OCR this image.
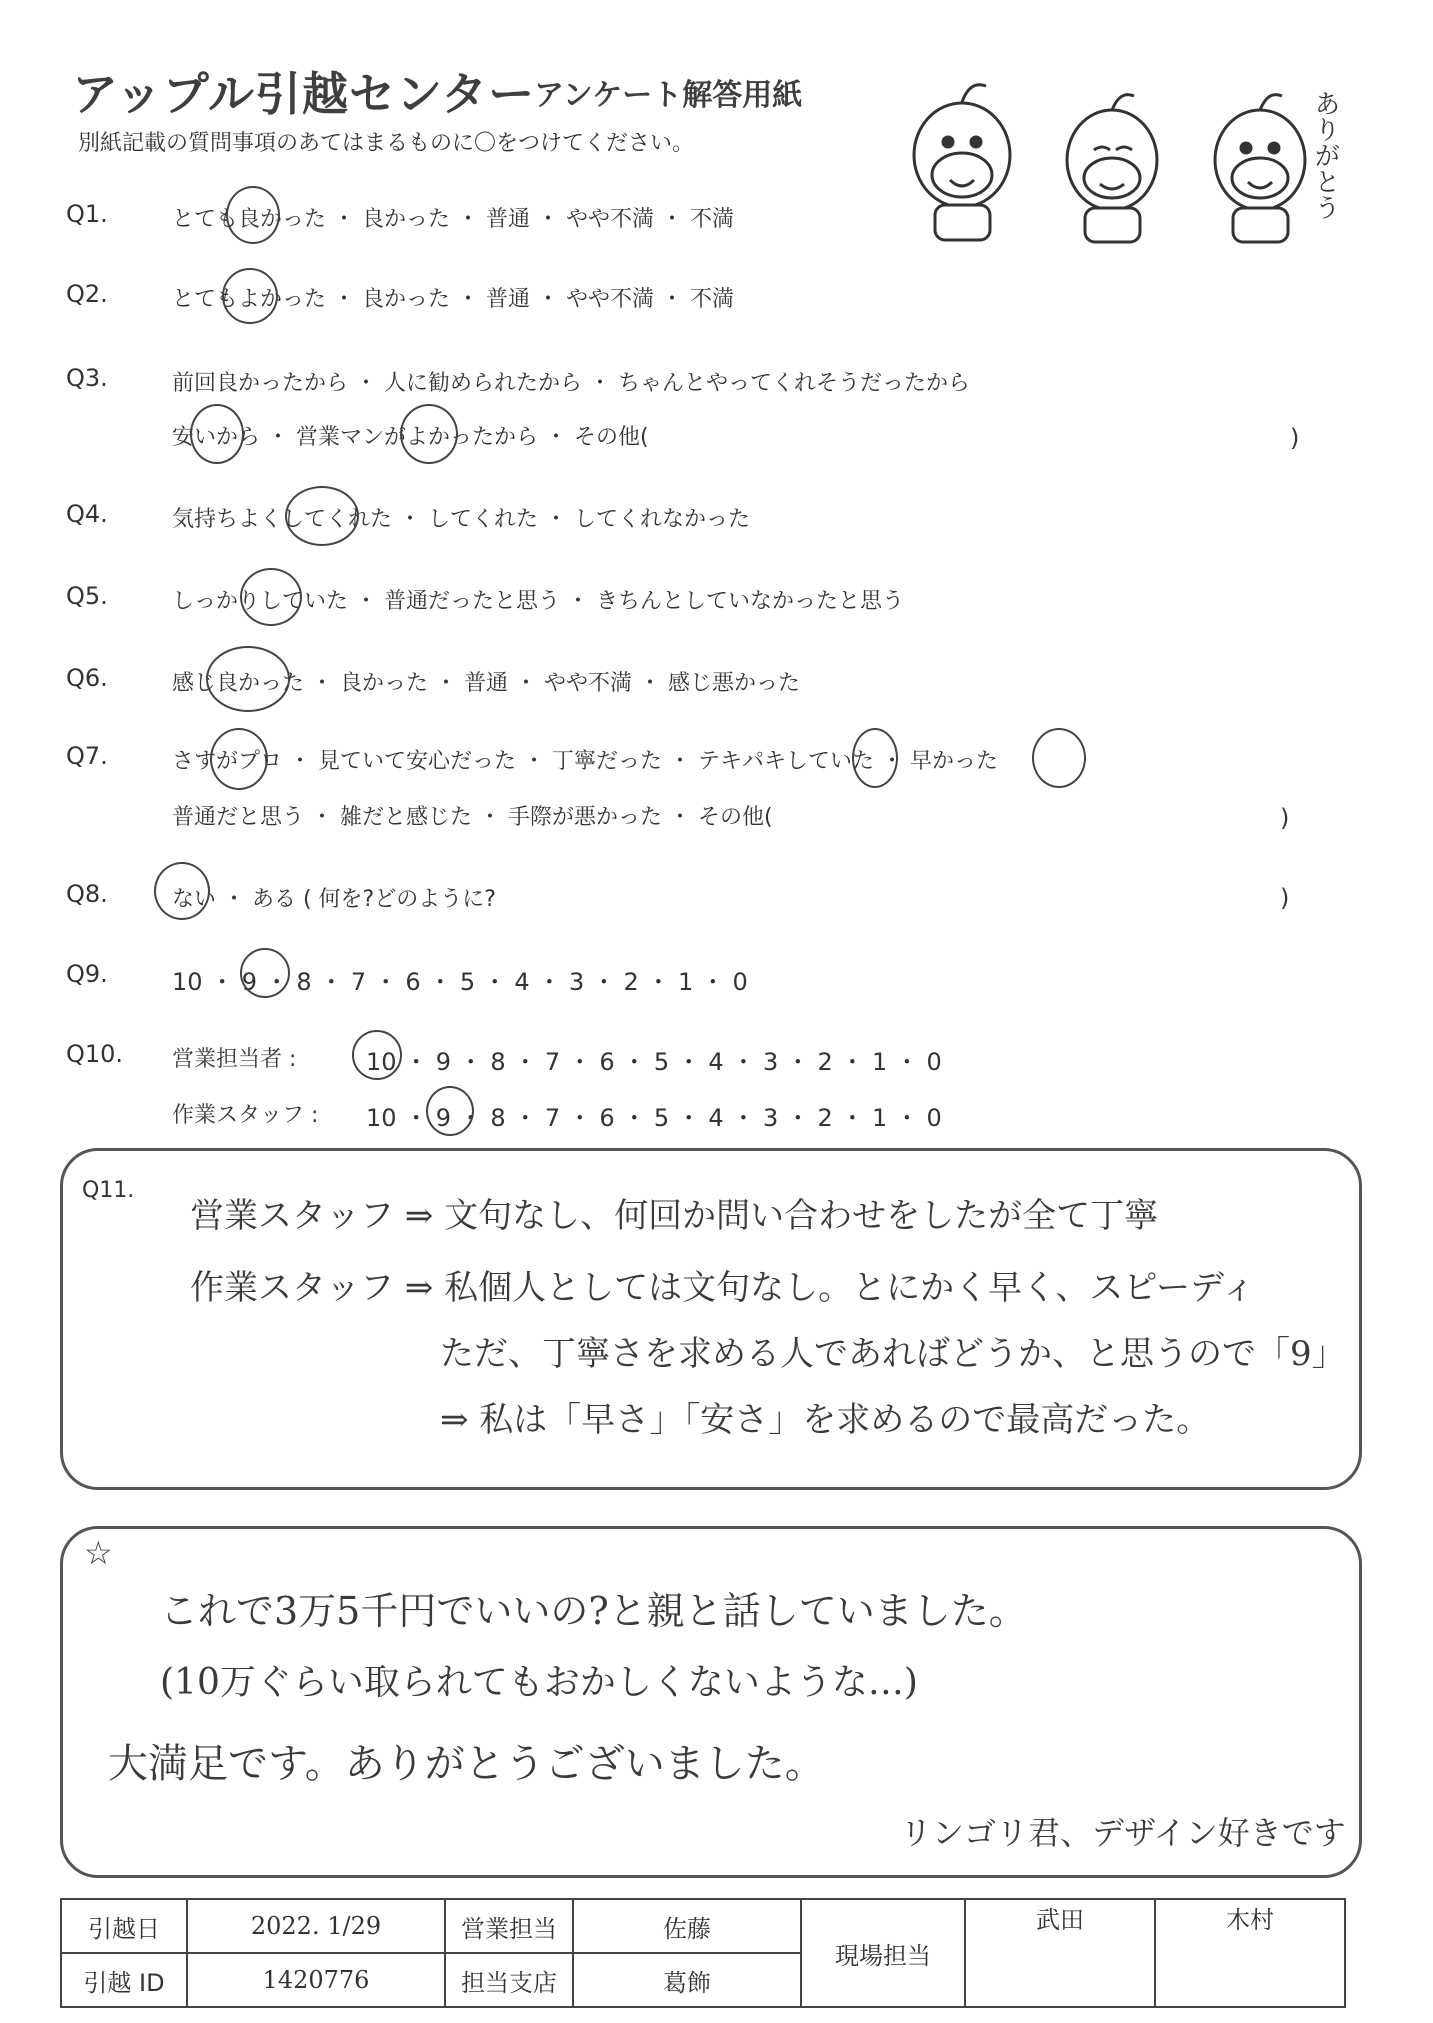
アップル引越センター
アンケート解答用紙
別紙記載の質問事項のあてはまるものに〇をつけてください。	ありがとう
Q1.	とても良かった ・ 良かった ・ 普通 ・ やや不満 ・ 不満
Q2.	とてもよかった ・ 良かった ・ 普通 ・ やや不満 ・ 不満
Q3.	前回良かったから ・ 人に勧められたから ・ ちゃんとやってくれそうだったから
安いから ・ 営業マンがよかったから ・ その他(	)
Q4.	気持ちよくしてくれた ・ してくれた ・ してくれなかった
Q5.	しっかりしていた ・ 普通だったと思う ・ きちんとしていなかったと思う
Q6.	感じ良かった ・ 良かった ・ 普通 ・ やや不満 ・ 感じ悪かった
Q7.	さすがプロ ・ 見ていて安心だった ・ 丁寧だった ・ テキパキしていた ・ 早かった
普通だと思う ・ 雑だと感じた ・ 手際が悪かった ・ その他(	)
Q8.	ない ・ ある ( 何を?どのように?	)
Q9.	10 ・ 9 ・ 8 ・ 7 ・ 6 ・ 5 ・ 4 ・ 3 ・ 2 ・ 1 ・ 0
Q10. 営業担当者 :	10 ・ 9 ・ 8 ・ 7 ・ 6 ・ 5 ・ 4 ・ 3 ・ 2 ・ 1 ・ 0
作業スタッフ : 10 ・ 9 ・ 8 ・ 7 ・ 6 ・ 5 ・ 4 ・ 3 ・ 2 ・ 1 ・ 0
Q11.
営業スタッフ ⇒ 文句なし、何回か問い合わせをしたが全て丁寧
作業スタッフ ⇒ 私個人としては文句なし。とにかく早く、スピーディ
ただ、丁寧さを求める人であればどうか、と思うので「9」
⇒ 私は「早さ」「安さ」を求めるので最高だった。
☆
これで3万5千円でいいの?と親と話していました。
(10万ぐらい取られてもおかしくないような…)
大満足です。ありがとうございました。
リンゴリ君、デザイン好きです
引越日	2022. 1/29	営業担当	佐藤	現場担当	武田	木村
引越 ID	1420776	担当支店	葛飾			
